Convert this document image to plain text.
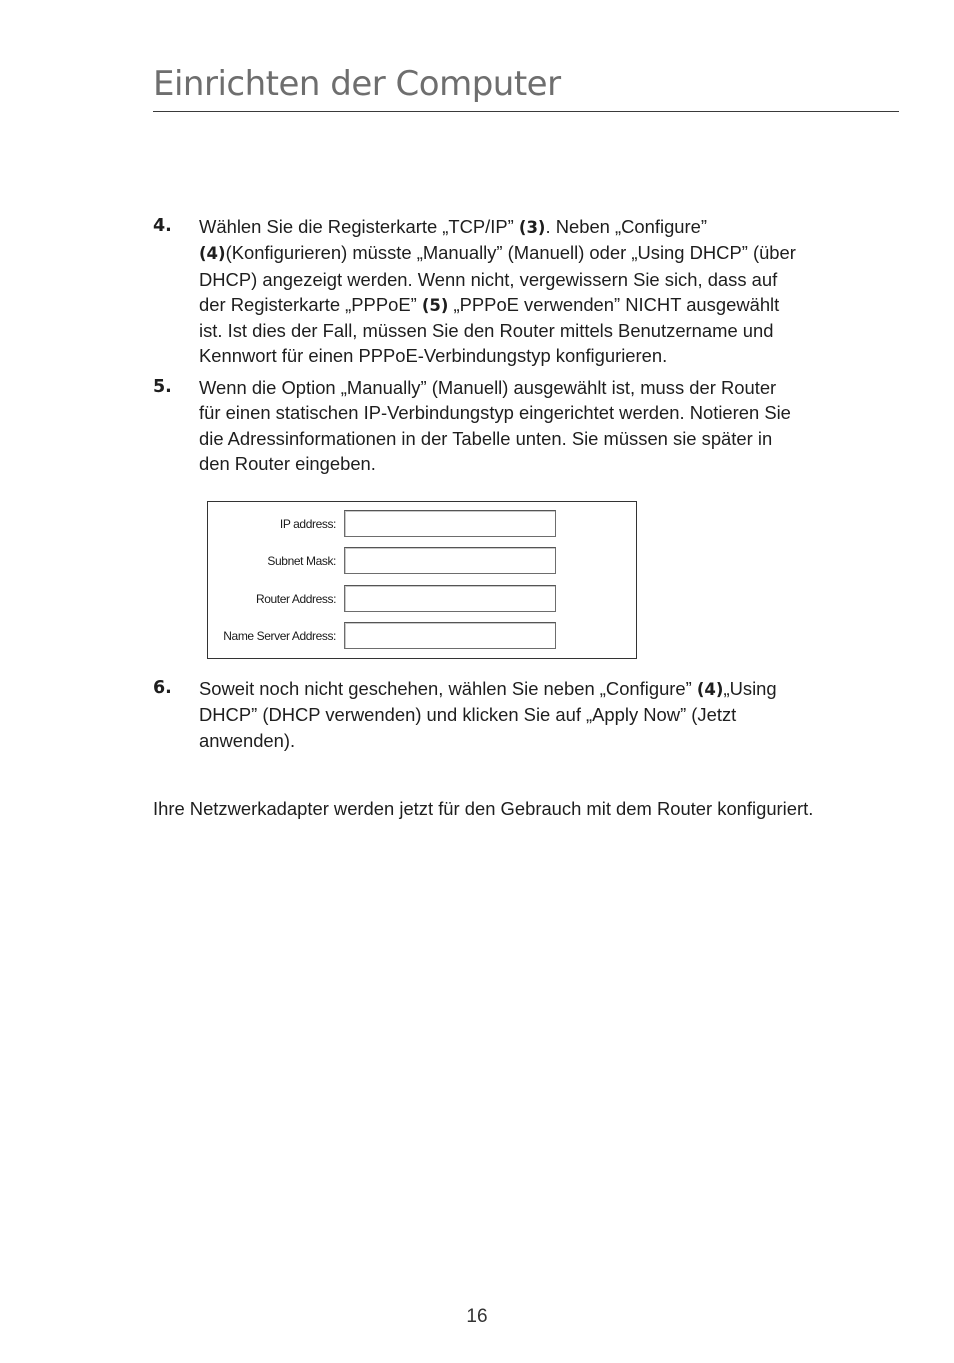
Einrichten der Computer
4. Wählen Sie die Registerkarte „TCP/IP” (3). Neben „Configure”
(4)(Konfigurieren) müsste „Manually” (Manuell) oder „Using DHCP” (über
DHCP) angezeigt werden. Wenn nicht, vergewissern Sie sich, dass auf
der Registerkarte „PPPoE” (5) „PPPoE verwenden” NICHT ausgewählt
ist. Ist dies der Fall, müssen Sie den Router mittels Benutzername und
Kennwort für einen PPPoE-Verbindungstyp konfigurieren.
5. Wenn die Option „Manually” (Manuell) ausgewählt ist, muss der Router
für einen statischen IP-Verbindungstyp eingerichtet werden. Notieren Sie
die Adressinformationen in der Tabelle unten. Sie müssen sie später in
den Router eingeben.
IP address:
Subnet Mask:
Router Address:
Name Server Address:
6. Soweit noch nicht geschehen, wählen Sie neben „Configure” (4)„Using
DHCP” (DHCP verwenden) und klicken Sie auf „Apply Now” (Jetzt
anwenden).

Ihre Netzwerkadapter werden jetzt für den Gebrauch mit dem Router konfiguriert.

16
